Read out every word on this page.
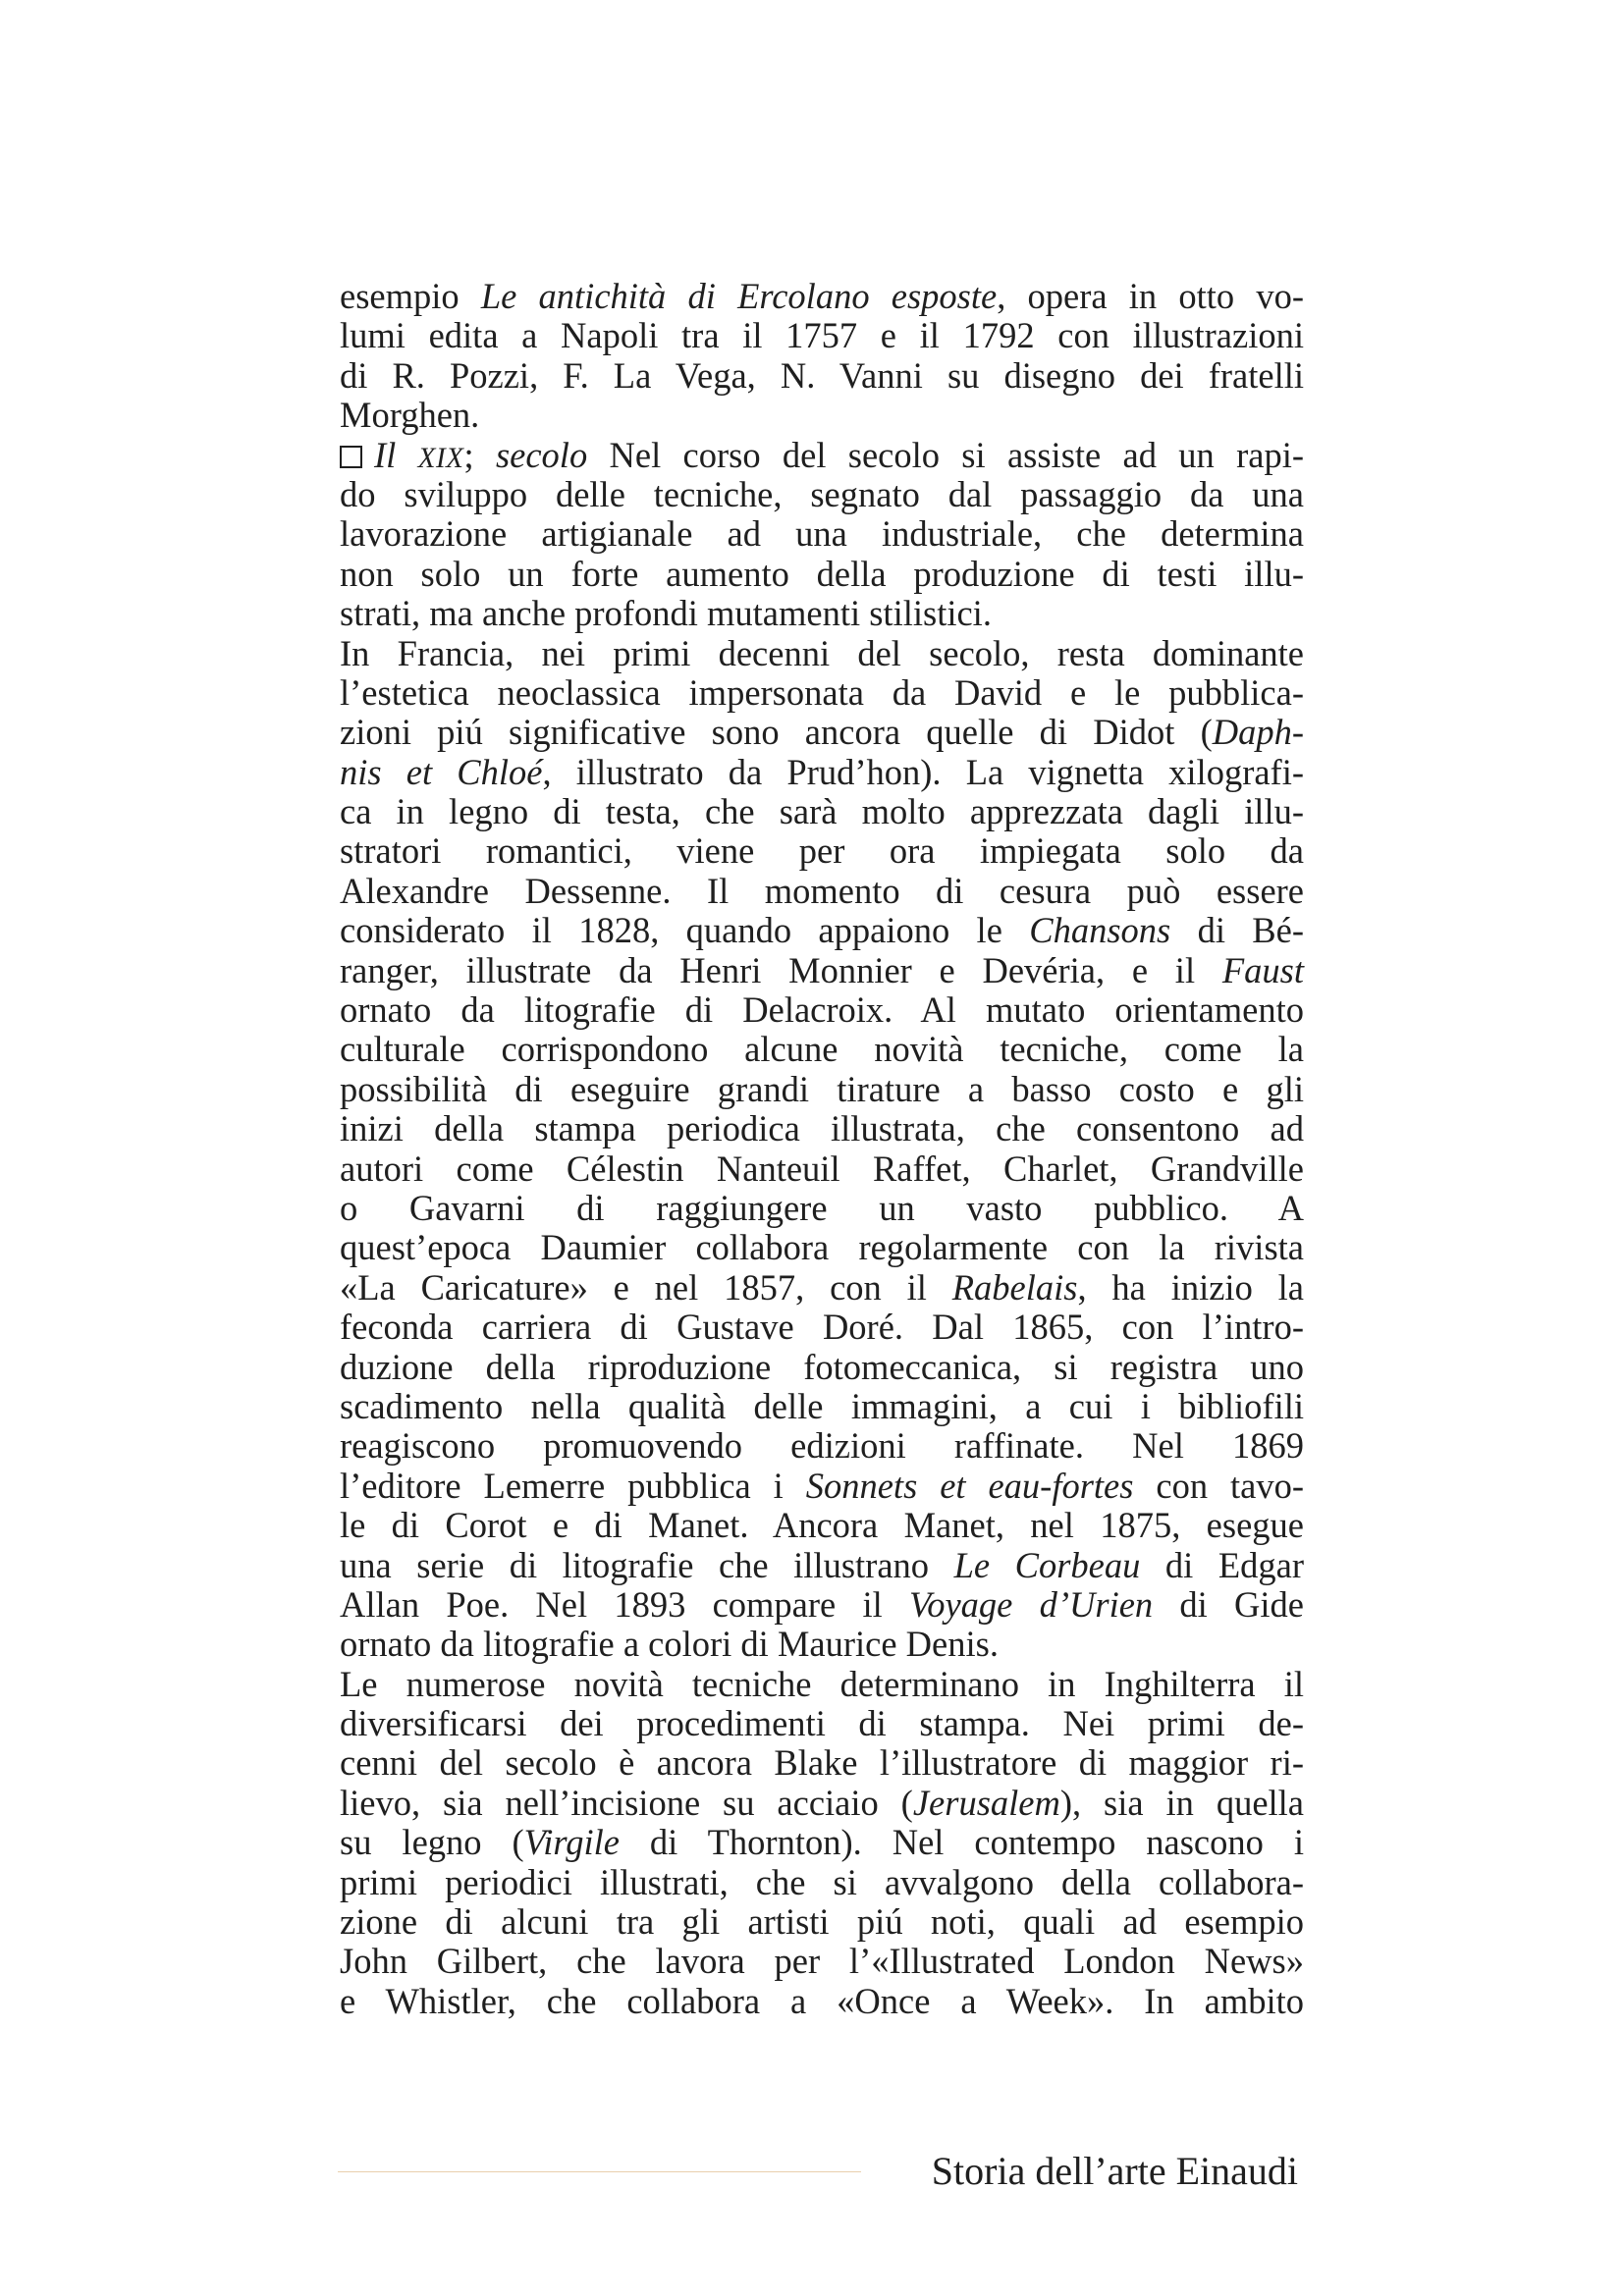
esempio Le antichità di Ercolano esposte, opera in otto vo-
lumi edita a Napoli tra il 1757 e il 1792 con illustrazioni
di R. Pozzi, F. La Vega, N. Vanni su disegno dei fratelli
Morghen.
Il XIX; secolo Nel corso del secolo si assiste ad un rapi-
do sviluppo delle tecniche, segnato dal passaggio da una
lavorazione artigianale ad una industriale, che determina
non solo un forte aumento della produzione di testi illu-
strati, ma anche profondi mutamenti stilistici.
In Francia, nei primi decenni del secolo, resta dominante
l’estetica neoclassica impersonata da David e le pubblica-
zioni piú significative sono ancora quelle di Didot (Daph-
nis et Chloé, illustrato da Prud’hon). La vignetta xilografi-
ca in legno di testa, che sarà molto apprezzata dagli illu-
stratori romantici, viene per ora impiegata solo da
Alexandre Dessenne. Il momento di cesura può essere
considerato il 1828, quando appaiono le Chansons di Bé-
ranger, illustrate da Henri Monnier e Devéria, e il Faust
ornato da litografie di Delacroix. Al mutato orientamento
culturale corrispondono alcune novità tecniche, come la
possibilità di eseguire grandi tirature a basso costo e gli
inizi della stampa periodica illustrata, che consentono ad
autori come Célestin Nanteuil Raffet, Charlet, Grandville
o Gavarni di raggiungere un vasto pubblico. A
quest’epoca Daumier collabora regolarmente con la rivista
«La Caricature» e nel 1857, con il Rabelais, ha inizio la
feconda carriera di Gustave Doré. Dal 1865, con l’intro-
duzione della riproduzione fotomeccanica, si registra uno
scadimento nella qualità delle immagini, a cui i bibliofili
reagiscono promuovendo edizioni raffinate. Nel 1869
l’editore Lemerre pubblica i Sonnets et eau-fortes con tavo-
le di Corot e di Manet. Ancora Manet, nel 1875, esegue
una serie di litografie che illustrano Le Corbeau di Edgar
Allan Poe. Nel 1893 compare il Voyage d’Urien di Gide
ornato da litografie a colori di Maurice Denis.
Le numerose novità tecniche determinano in Inghilterra il
diversificarsi dei procedimenti di stampa. Nei primi de-
cenni del secolo è ancora Blake l’illustratore di maggior ri-
lievo, sia nell’incisione su acciaio (Jerusalem), sia in quella
su legno (Virgile di Thornton). Nel contempo nascono i
primi periodici illustrati, che si avvalgono della collabora-
zione di alcuni tra gli artisti piú noti, quali ad esempio
John Gilbert, che lavora per l’«Illustrated London News»
e Whistler, che collabora a «Once a Week». In ambito
Storia dell’arte Einaudi
